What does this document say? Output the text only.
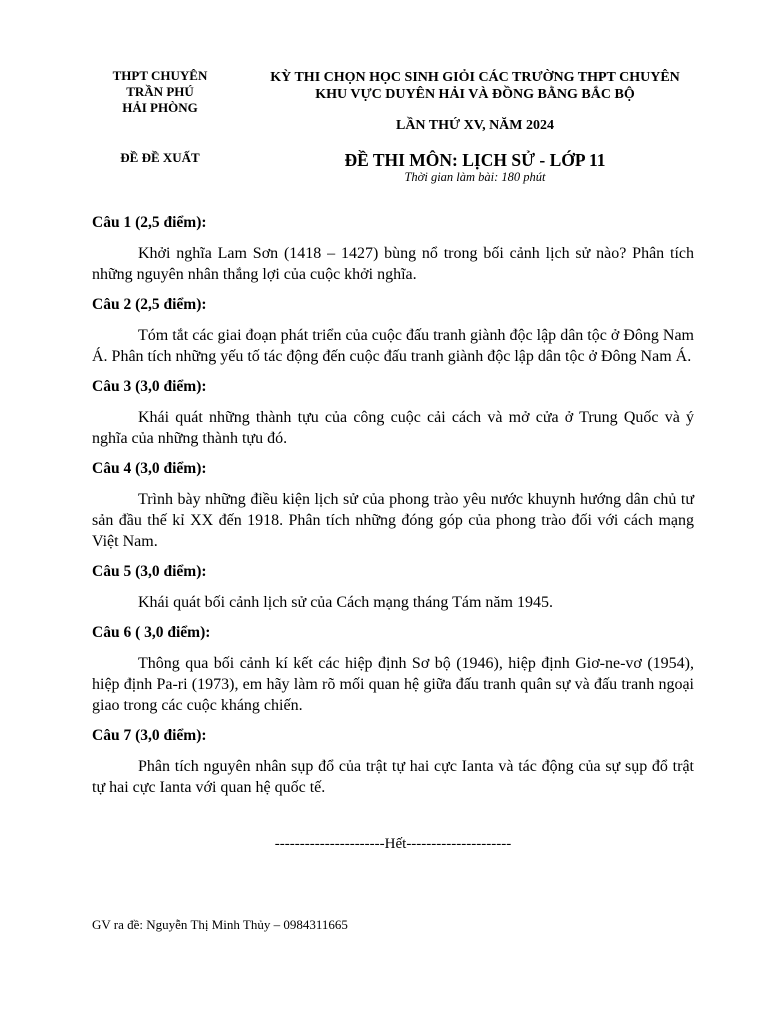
THPT CHUYÊN
TRẦN PHÚ
HẢI PHÒNG
ĐỀ ĐỀ XUẤT
KỲ THI CHỌN HỌC SINH GIỎI CÁC TRƯỜNG THPT CHUYÊN
KHU VỰC DUYÊN HẢI VÀ ĐỒNG BẰNG BẮC BỘ
LẦN THỨ XV, NĂM 2024
ĐỀ THI MÔN: LỊCH SỬ - LỚP 11
Thời gian làm bài: 180 phút

Câu 1 (2,5 điểm):

Khởi nghĩa Lam Sơn (1418 – 1427) bùng nổ trong bối cảnh lịch sử nào? Phân tích những nguyên nhân thắng lợi của cuộc khởi nghĩa.

Câu 2 (2,5 điểm):

Tóm tắt các giai đoạn phát triển của cuộc đấu tranh giành độc lập dân tộc ở Đông Nam Á. Phân tích những yếu tố tác động đến cuộc đấu tranh giành độc lập dân tộc ở Đông Nam Á.

Câu 3 (3,0 điểm):

Khái quát những thành tựu của công cuộc cải cách và mở cửa ở Trung Quốc và ý nghĩa của những thành tựu đó.

Câu 4 (3,0 điểm):

Trình bày những điều kiện lịch sử của phong trào yêu nước khuynh hướng dân chủ tư sản đầu thế kỉ XX đến 1918. Phân tích những đóng góp của phong trào đối với cách mạng Việt Nam.

Câu 5 (3,0 điểm):

Khái quát bối cảnh lịch sử của Cách mạng tháng Tám năm 1945.

Câu 6 ( 3,0 điểm):

Thông qua bối cảnh kí kết các hiệp định Sơ bộ (1946), hiệp định Giơ-ne-vơ (1954), hiệp định Pa-ri (1973), em hãy làm rõ mối quan hệ giữa đấu tranh quân sự và đấu tranh ngoại giao trong các cuộc kháng chiến.

Câu 7 (3,0 điểm):

Phân tích nguyên nhân sụp đổ của trật tự hai cực Ianta và tác động của sự sụp đổ trật tự hai cực Ianta với quan hệ quốc tế.

----------------------Hết---------------------
GV ra đề: Nguyễn Thị Minh Thủy – 0984311665
